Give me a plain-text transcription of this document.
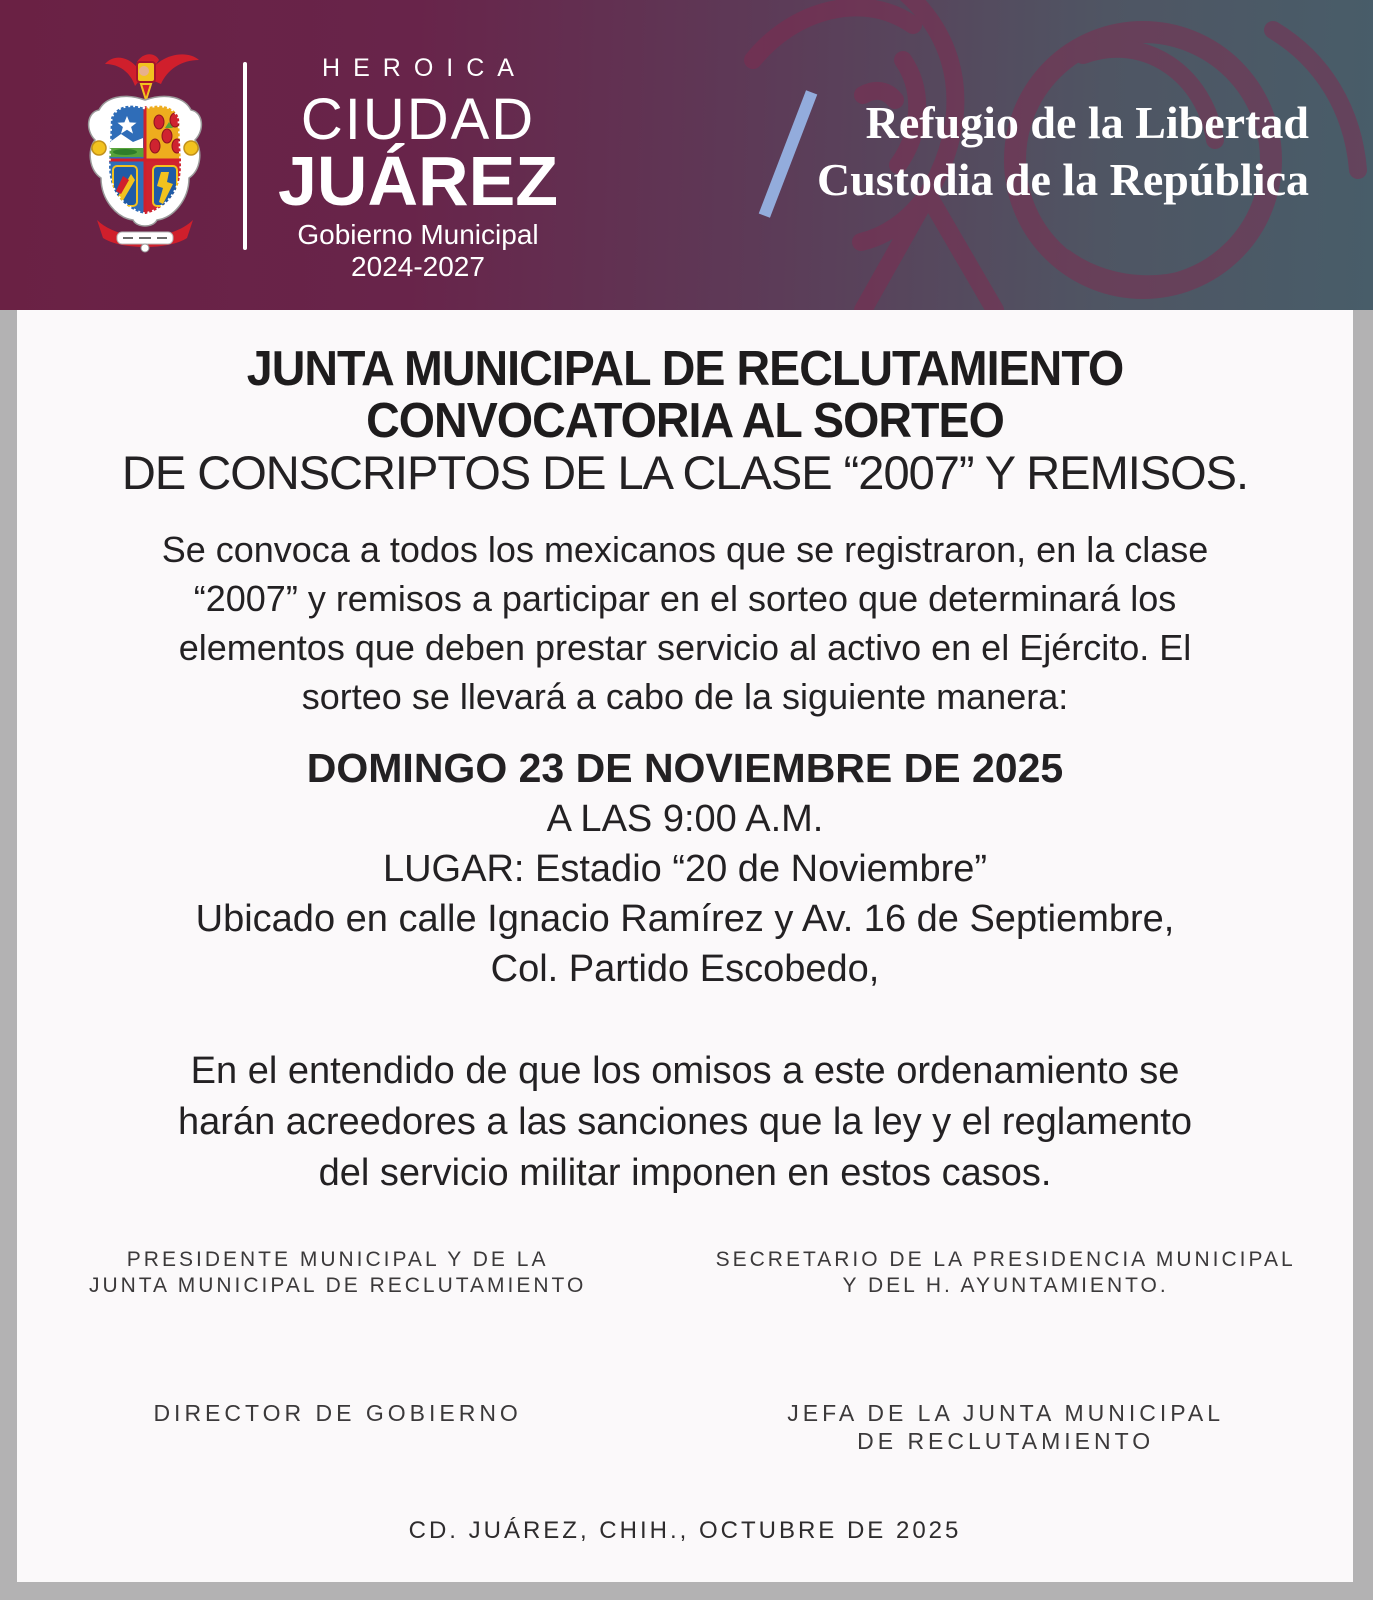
HEROICA
CIUDAD
JUÁREZ
Gobierno Municipal 2024-2027
Refugio de la Libertad
Custodia de la República
JUNTA MUNICIPAL DE RECLUTAMIENTO
CONVOCATORIA AL SORTEO
DE CONSCRIPTOS DE LA CLASE “2007” Y REMISOS.
Se convoca a todos los mexicanos que se registraron, en la clase
“2007” y remisos a participar en el sorteo que determinará los
elementos que deben prestar servicio al activo en el Ejército. El
sorteo se llevará a cabo de la siguiente manera:
DOMINGO 23 DE NOVIEMBRE DE 2025
A LAS 9:00 A.M.
LUGAR: Estadio “20 de Noviembre”
Ubicado en calle Ignacio Ramírez y Av. 16 de Septiembre,
Col. Partido Escobedo,
En el entendido de que los omisos a este ordenamiento se
harán acreedores a las sanciones que la ley y el reglamento
del servicio militar imponen en estos casos.
PRESIDENTE MUNICIPAL Y DE LA
JUNTA MUNICIPAL DE RECLUTAMIENTO
SECRETARIO DE LA PRESIDENCIA MUNICIPAL
Y DEL H. AYUNTAMIENTO.
DIRECTOR DE GOBIERNO	JEFA DE LA JUNTA MUNICIPAL
DE RECLUTAMIENTO
CD. JUÁREZ, CHIH., OCTUBRE DE 2025
